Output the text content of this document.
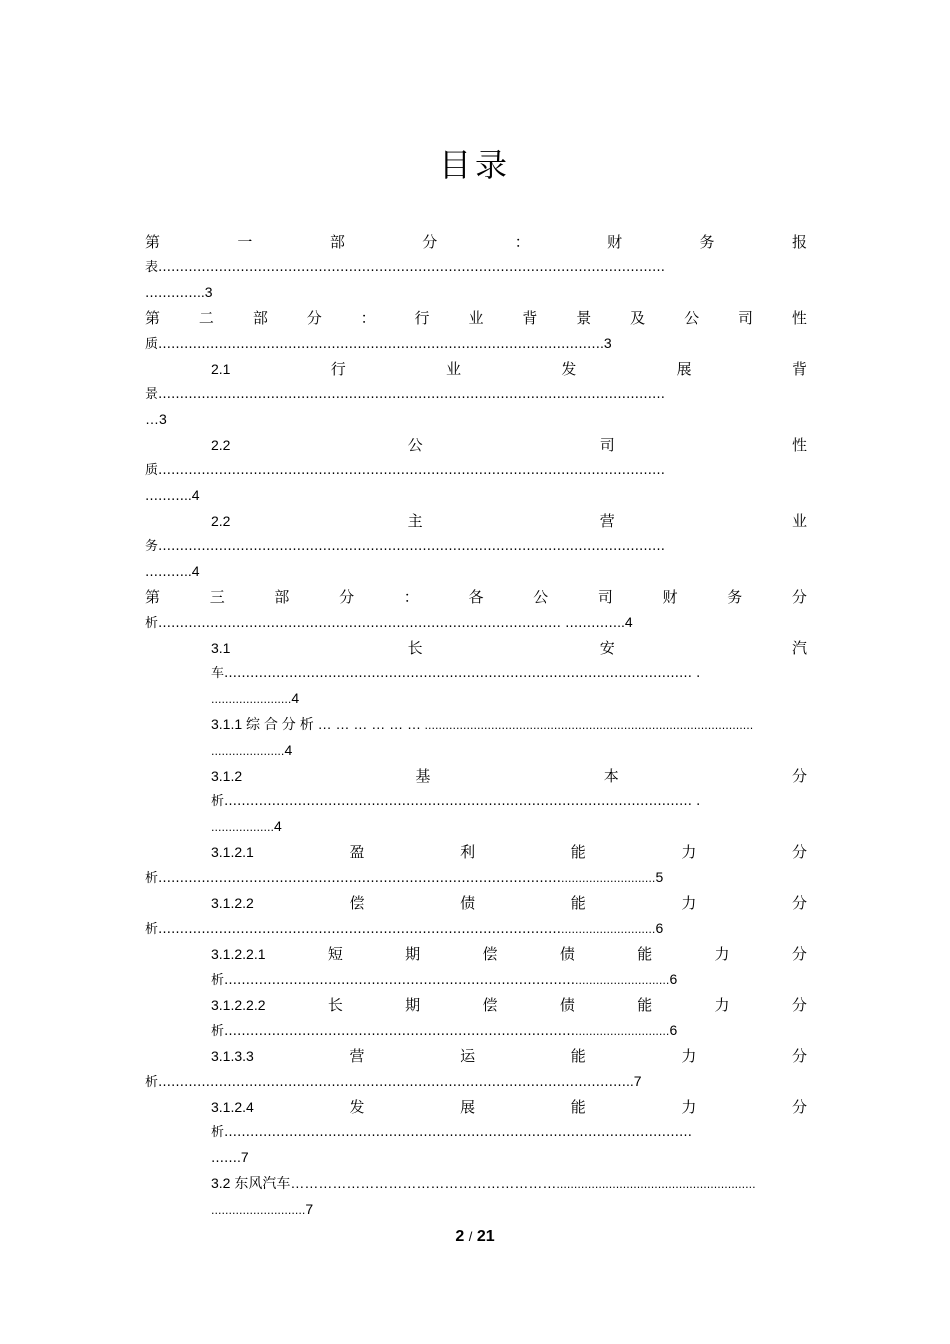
目录
第	一	部	分	：	财	务	报
表………………………………………………………………………………………………………
…………..3
第	二	部	分	：	行	业	背	景	及	公	司	性
质………………………………………………………………………………………….3
2.1	行	业	发	展	背
景………………………………………………………………………………………………………
…3
2.2	公	司	性
质………………………………………………………………………………………………………
………..4
2.2	主	营	业
务………………………………………………………………………………………………………
………..4
第	三	部	分	：	各	公	司	财	务	分
析………………………………………………………………………………… …………..4
3.1	长	安	汽
车……………………………………………………………………………………………… .
.......................4
3.1.1 综 合 分 析 … … … … … … ..............................................................................................
.....................4
3.1.2	基	本	分
析……………………………………………………………………………………………… .
..................4
3.1.2.1	盈	利	能	力	分
析…………………………………………………………………………………...........................5
3.1.2.2	偿	债	能	力	分
析…………………………………………………………………………………...........................6
3.1.2.2.1	短	期	偿	债	能	力	分
析………………………………………………………………………...........................6
3.1.2.2.2	长	期	偿	债	能	力	分
析………………………………………………………………………...........................6
3.1.3.3	营	运	能	力	分
析………………………………………………………………………………………………..7
3.1.2.4	发	展	能	力	分
析………………………………………………………………………………………………
…….7
3.2 东风汽车………………………………………………….........................................................
...........................7
2 / 21
